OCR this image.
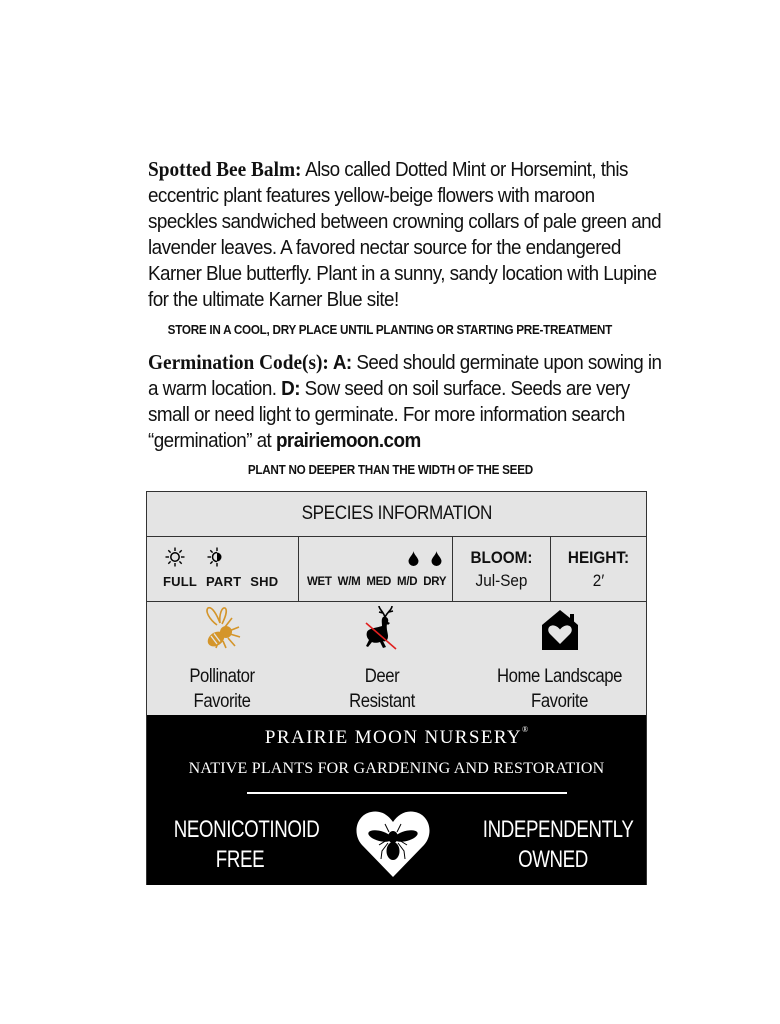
Spotted Bee Balm: Also called Dotted Mint or Horsemint, this eccentric plant features yellow-beige flowers with maroon speckles sandwiched between crowning collars of pale green and lavender leaves. A favored nectar source for the endangered Karner Blue butterfly. Plant in a sunny, sandy location with Lupine for the ultimate Karner Blue site!
STORE IN A COOL, DRY PLACE UNTIL PLANTING OR STARTING PRE-TREATMENT
Germination Code(s): A: Seed should germinate upon sowing in a warm location. D: Sow seed on soil surface. Seeds are very small or need light to germinate. For more information search “germination” at prairiemoon.com
PLANT NO DEEPER THAN THE WIDTH OF THE SEED
SPECIES INFORMATION
FULL PART SHD WET W/M MED M/D DRY
BLOOM:
Jul-Sep
HEIGHT:
2′
Pollinator
Favorite
Deer
Resistant
Home Landscape
Favorite
PRAIRIE MOON NURSERY®
NATIVE PLANTS FOR GARDENING AND RESTORATION
NEONICOTINOID
FREE
INDEPENDENTLY
OWNED
